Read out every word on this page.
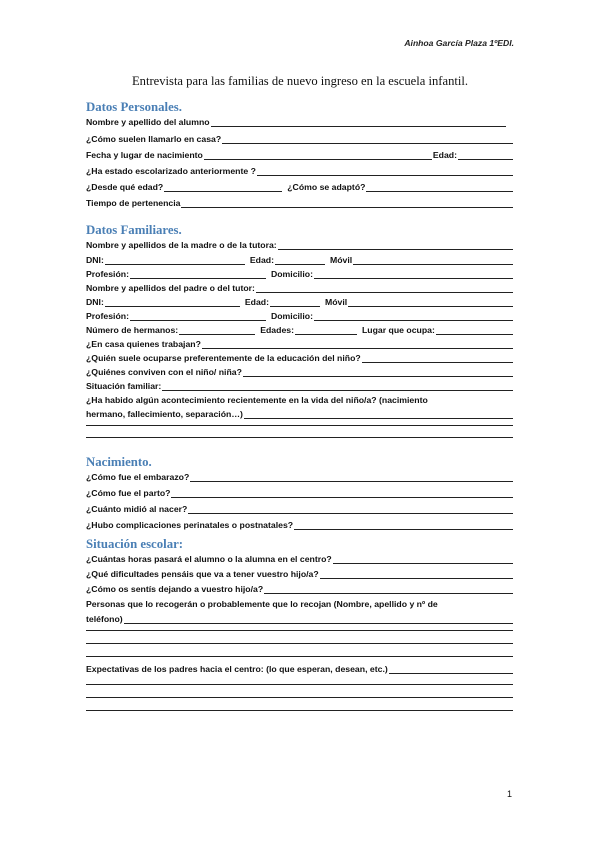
Ainhoa García Plaza 1ºEDI.
Entrevista para las familias de nuevo ingreso en la escuela infantil.
Datos Personales.
Nombre y apellido del alumno
¿Cómo suelen llamarlo en casa?
Fecha y lugar de nacimiento	Edad:
¿Ha estado escolarizado anteriormente ?
¿Desde qué edad?	¿Cómo se adaptó?
Tiempo de pertenencia
Datos Familiares.
Nombre y apellidos de la madre o de la tutora:
DNI:	Edad:	Móvil
Profesión:	Domicilio:
Nombre y apellidos del padre o del tutor:
DNI:	Edad:	Móvil
Profesión:	Domicilio:
Número de hermanos:	Edades:	Lugar que ocupa:
¿En casa quienes trabajan?
¿Quién suele ocuparse preferentemente de la educación del niño?
¿Quiénes conviven con el niño/ niña?
Situación familiar:
¿Ha habido algún acontecimiento recientemente en la vida del niño/a? (nacimiento
hermano, fallecimiento, separación…)
Nacimiento.
¿Cómo fue el embarazo?
¿Cómo fue el parto?
¿Cuánto midió al nacer?
¿Hubo complicaciones perinatales o postnatales?
Situación escolar:
¿Cuántas horas pasará el alumno o la alumna en el centro?
¿Qué dificultades pensáis que va a tener vuestro hijo/a?
¿Cómo os sentís dejando a vuestro hijo/a?
Personas que lo recogerán o probablemente que lo recojan (Nombre, apellido y nº de
teléfono)
Expectativas de los padres hacia el centro: (lo que esperan, desean, etc.)
1
